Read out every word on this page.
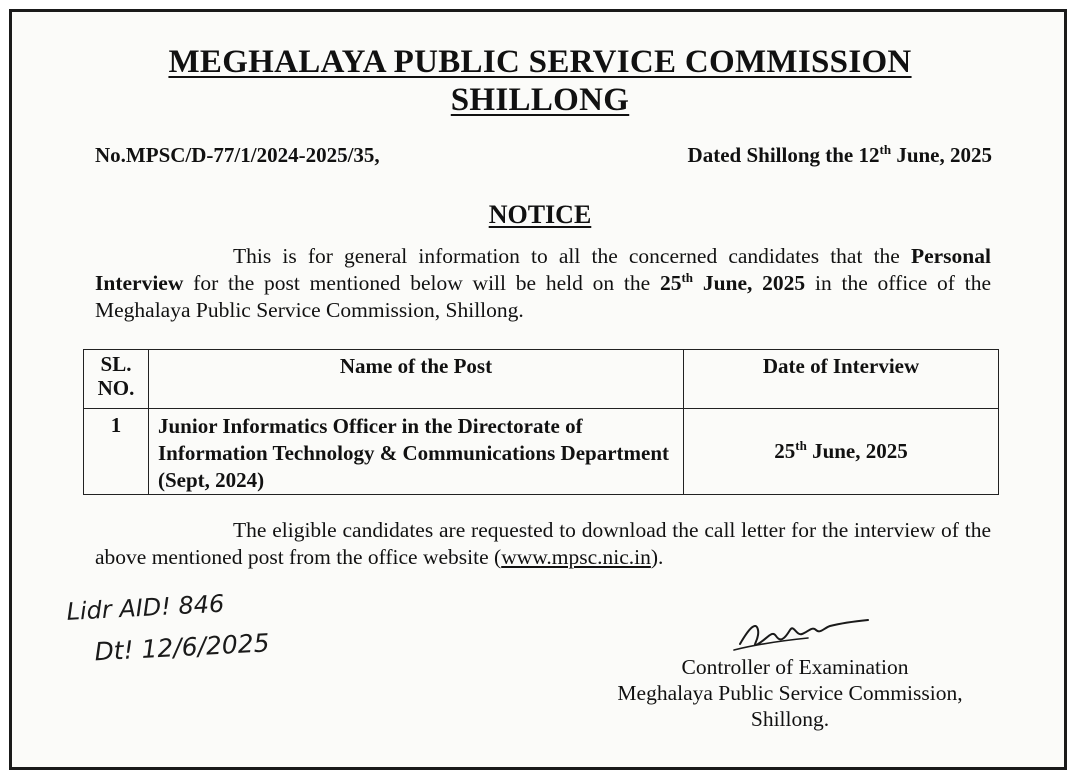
MEGHALAYA PUBLIC SERVICE COMMISSION
SHILLONG
No.MPSC/D-77/1/2024-2025/35,	Dated Shillong the 12th June, 2025
NOTICE
This is for general information to all the concerned candidates that the Personal Interview for the post mentioned below will be held on the 25th June, 2025 in the office of the Meghalaya Public Service Commission, Shillong.
SL. NO.	Name of the Post	Date of Interview
1	Junior Informatics Officer in the Directorate of Information Technology & Communications Department (Sept, 2024)	25th June, 2025
The eligible candidates are requested to download the call letter for the interview of the above mentioned post from the office website (www.mpsc.nic.in).
Lidr AID! 846
Dt! 12/6/2025
Controller of Examination
Meghalaya Public Service Commission,
Shillong.
